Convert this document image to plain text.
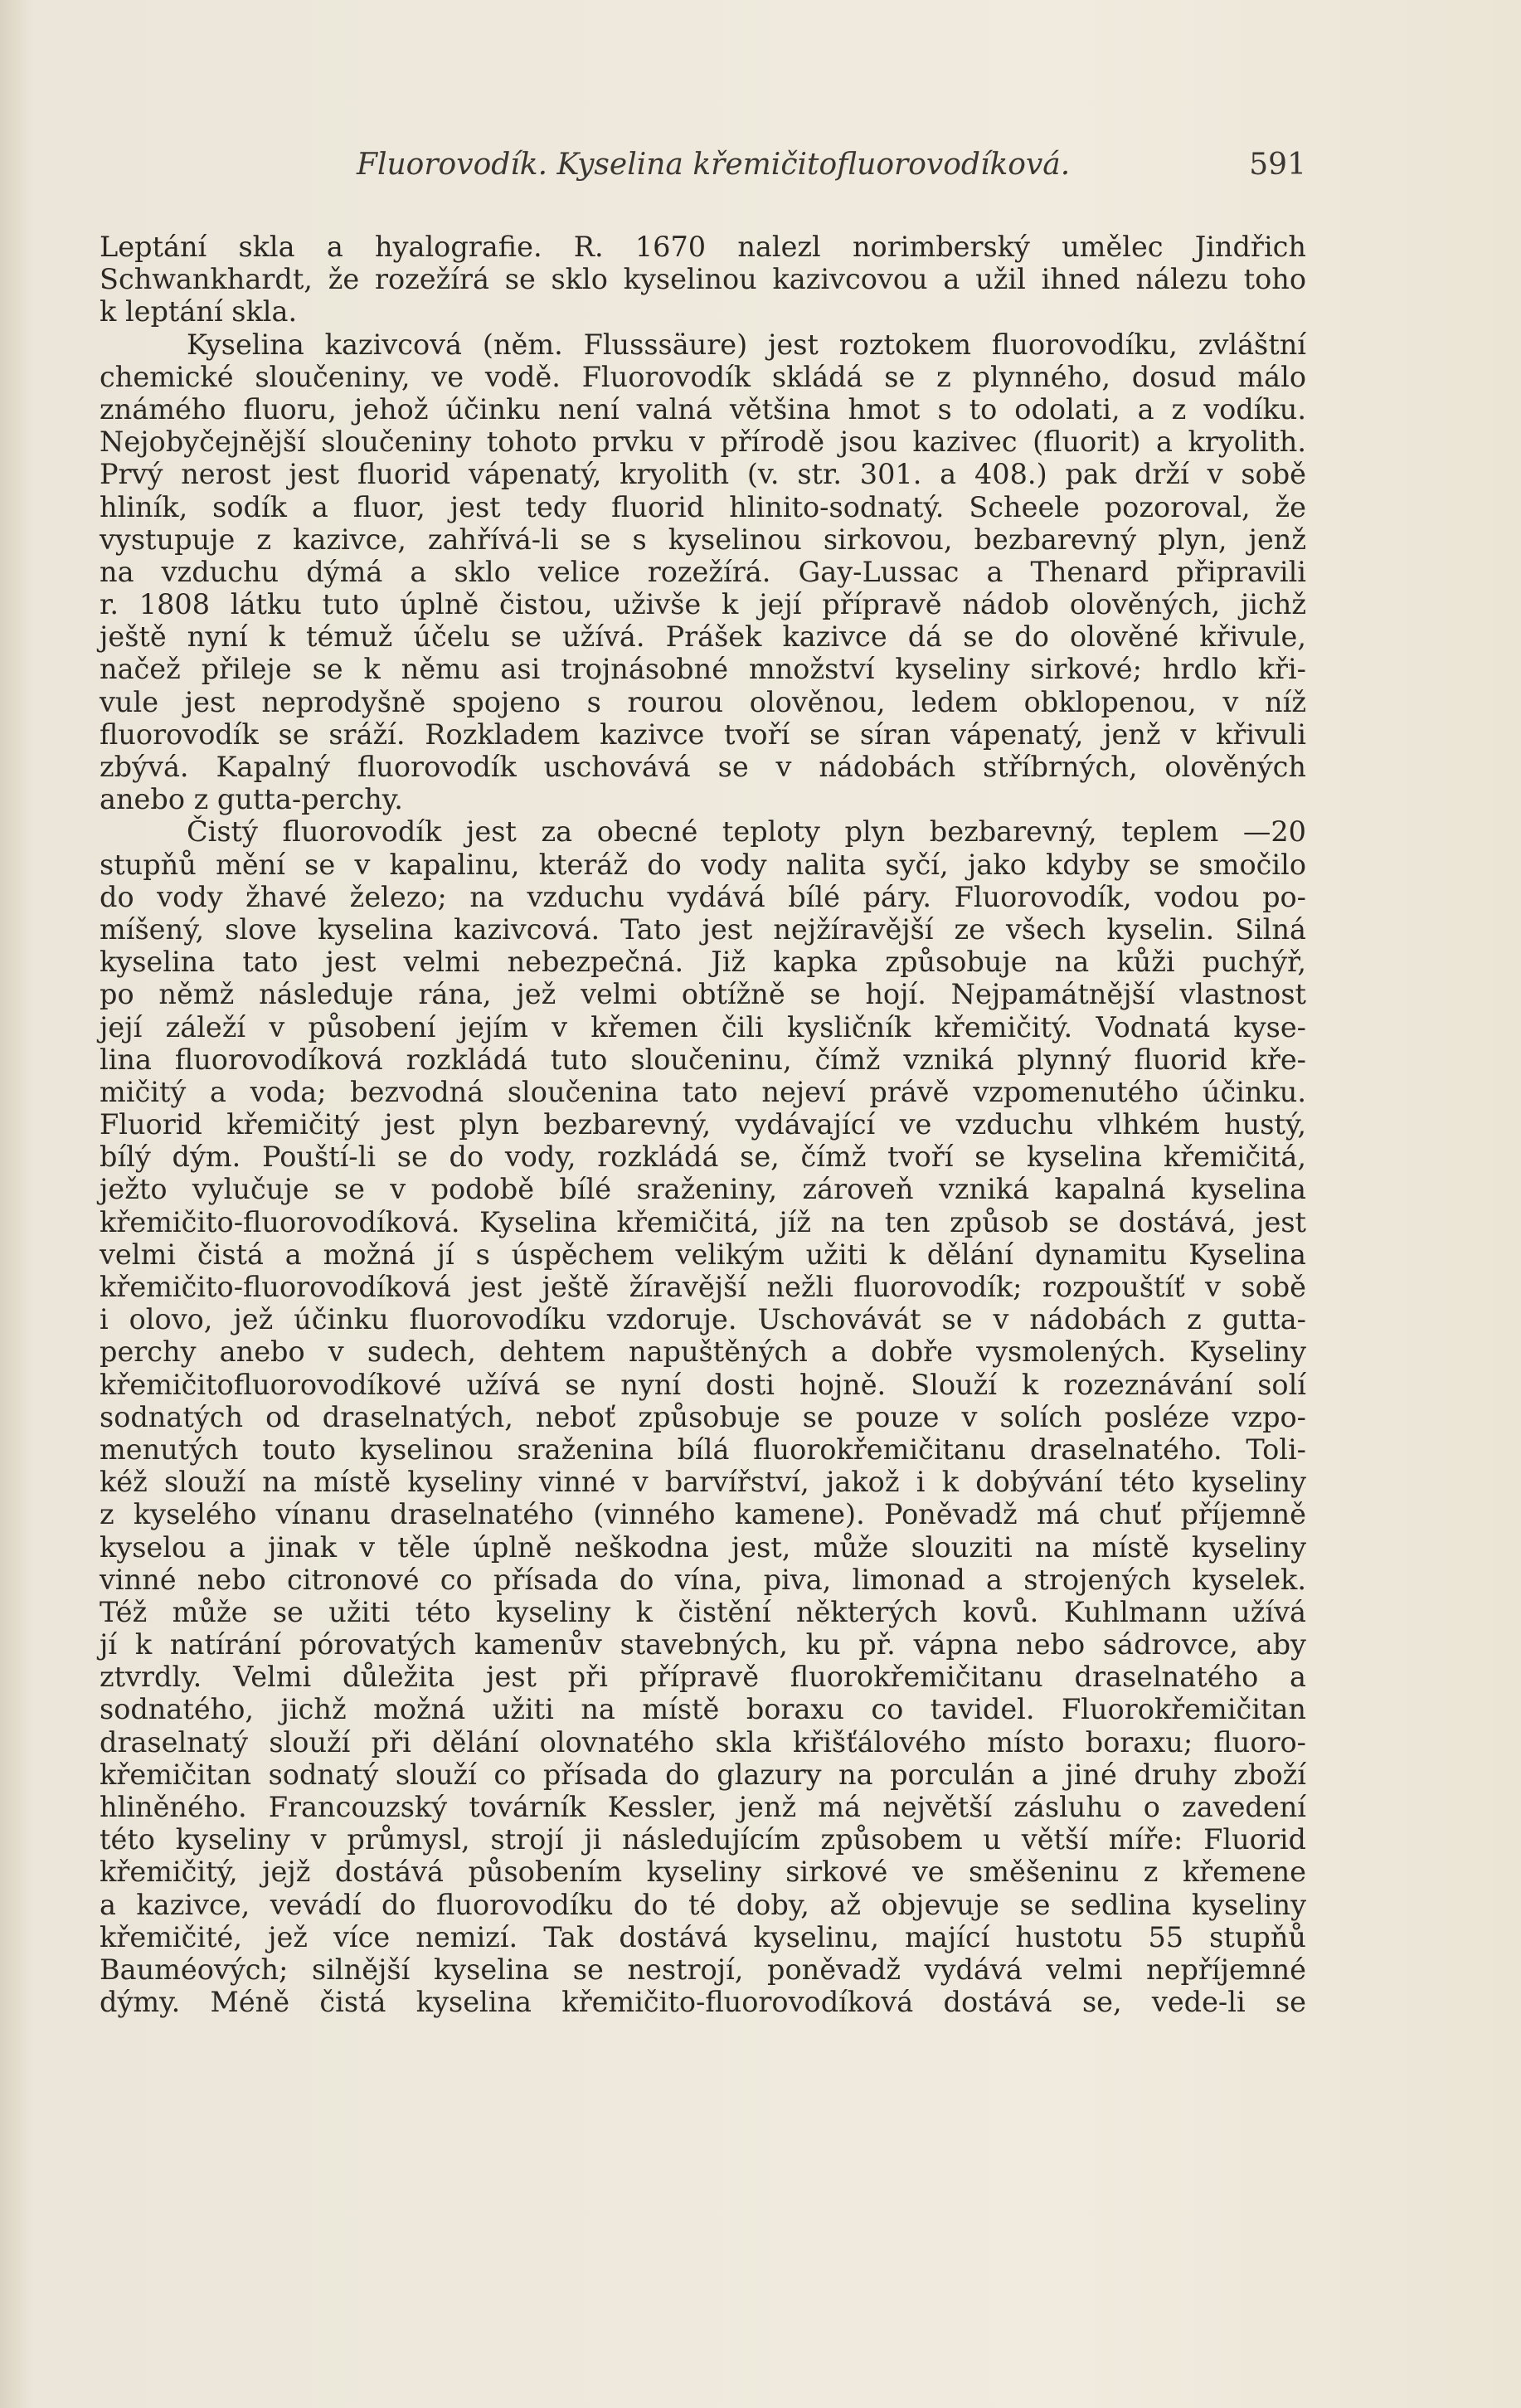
Fluorovodík. Kyselina křemičitofluorovodíková.	591
Leptání skla a hyalografie. R. 1670 nalezl norimberský umělec Jindřich
Schwankhardt, že rozežírá se sklo kyselinou kazivcovou a užil ihned nálezu toho
k leptání skla.
Kyselina kazivcová (něm. Flusssäure) jest roztokem fluorovodíku, zvláštní
chemické sloučeniny, ve vodě. Fluorovodík skládá se z plynného, dosud málo
známého fluoru, jehož účinku není valná většina hmot s to odolati, a z vodíku.
Nejobyčejnější sloučeniny tohoto prvku v přírodě jsou kazivec (fluorit) a kryolith.
Prvý nerost jest fluorid vápenatý, kryolith (v. str. 301. a 408.) pak drží v sobě
hliník, sodík a fluor, jest tedy fluorid hlinito-sodnatý. Scheele pozoroval, že
vystupuje z kazivce, zahřívá-li se s kyselinou sirkovou, bezbarevný plyn, jenž
na vzduchu dýmá a sklo velice rozežírá. Gay-Lussac a Thenard připravili
r. 1808 látku tuto úplně čistou, uživše k její přípravě nádob olověných, jichž
ještě nyní k témuž účelu se užívá. Prášek kazivce dá se do olověné křivule,
načež přileje se k němu asi trojnásobné množství kyseliny sirkové; hrdlo kři-
vule jest neprodyšně spojeno s rourou olověnou, ledem obklopenou, v níž
fluorovodík se sráží. Rozkladem kazivce tvoří se síran vápenatý, jenž v křivuli
zbývá. Kapalný fluorovodík uschovává se v nádobách stříbrných, olověných
anebo z gutta-perchy.
Čistý fluorovodík jest za obecné teploty plyn bezbarevný, teplem —20
stupňů mění se v kapalinu, kteráž do vody nalita syčí, jako kdyby se smočilo
do vody žhavé železo; na vzduchu vydává bílé páry. Fluorovodík, vodou po-
míšený, slove kyselina kazivcová. Tato jest nejžíravější ze všech kyselin. Silná
kyselina tato jest velmi nebezpečná. Již kapka způsobuje na kůži puchýř,
po němž následuje rána, jež velmi obtížně se hojí. Nejpamátnější vlastnost
její záleží v působení jejím v křemen čili kysličník křemičitý. Vodnatá kyse-
lina fluorovodíková rozkládá tuto sloučeninu, čímž vzniká plynný fluorid kře-
mičitý a voda; bezvodná sloučenina tato nejeví právě vzpomenutého účinku.
Fluorid křemičitý jest plyn bezbarevný, vydávající ve vzduchu vlhkém hustý,
bílý dým. Pouští-li se do vody, rozkládá se, čímž tvoří se kyselina křemičitá,
ježto vylučuje se v podobě bílé sraženiny, zároveň vzniká kapalná kyselina
křemičito-fluorovodíková. Kyselina křemičitá, jíž na ten způsob se dostává, jest
velmi čistá a možná jí s úspěchem velikým užiti k dělání dynamitu Kyselina
křemičito-fluorovodíková jest ještě žíravější nežli fluorovodík; rozpouštíť v sobě
i olovo, jež účinku fluorovodíku vzdoruje. Uschovávát se v nádobách z gutta-
perchy anebo v sudech, dehtem napuštěných a dobře vysmolených. Kyseliny
křemičitofluorovodíkové užívá se nyní dosti hojně. Slouží k rozeznávání solí
sodnatých od draselnatých, neboť způsobuje se pouze v solích posléze vzpo-
menutých touto kyselinou sraženina bílá fluorokřemičitanu draselnatého. Toli-
kéž slouží na místě kyseliny vinné v barvířství, jakož i k dobývání této kyseliny
z kyselého vínanu draselnatého (vinného kamene). Poněvadž má chuť příjemně
kyselou a jinak v těle úplně neškodna jest, může slouziti na místě kyseliny
vinné nebo citronové co přísada do vína, piva, limonad a strojených kyselek.
Též může se užiti této kyseliny k čistění některých kovů. Kuhlmann užívá
jí k natírání pórovatých kamenův stavebných, ku př. vápna nebo sádrovce, aby
ztvrdly. Velmi důležita jest při přípravě fluorokřemičitanu draselnatého a
sodnatého, jichž možná užiti na místě boraxu co tavidel. Fluorokřemičitan
draselnatý slouží při dělání olovnatého skla křišťálového místo boraxu; fluoro-
křemičitan sodnatý slouží co přísada do glazury na porculán a jiné druhy zboží
hliněného. Francouzský továrník Kessler, jenž má největší zásluhu o zavedení
této kyseliny v průmysl, strojí ji následujícím způsobem u větší míře: Fluorid
křemičitý, jejž dostává působením kyseliny sirkové ve směšeninu z křemene
a kazivce, vevádí do fluorovodíku do té doby, až objevuje se sedlina kyseliny
křemičité, jež více nemizí. Tak dostává kyselinu, mající hustotu 55 stupňů
Bauméových; silnější kyselina se nestrojí, poněvadž vydává velmi nepříjemné
dýmy. Méně čistá kyselina křemičito-fluorovodíková dostává se, vede-li se
